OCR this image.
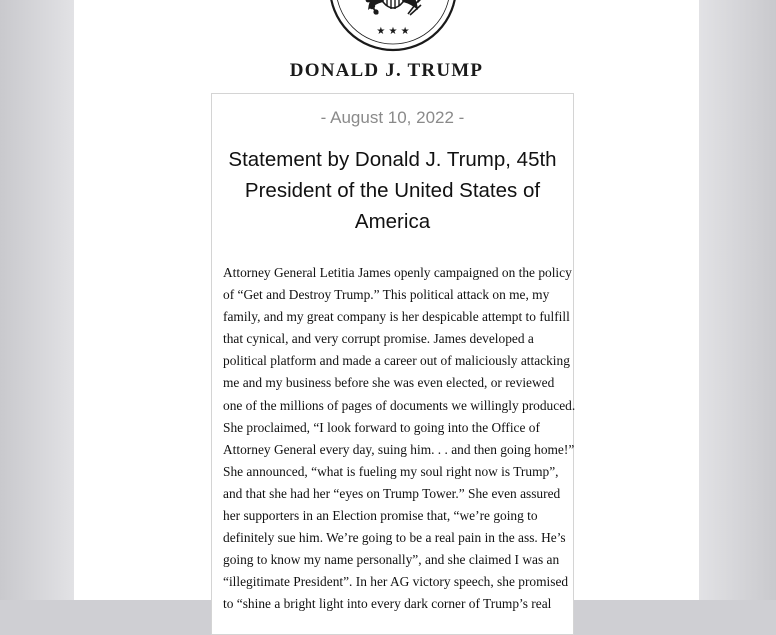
★ ★ ★
DONALD J. TRUMP

- August 10, 2022 -

Statement by Donald J. Trump, 45th
President of the United States of
America

Attorney General Letitia James openly campaigned on the policy
of “Get and Destroy Trump.” This political attack on me, my
family, and my great company is her despicable attempt to fulfill
that cynical, and very corrupt promise. James developed a
political platform and made a career out of maliciously attacking
me and my business before she was even elected, or reviewed
one of the millions of pages of documents we willingly produced.
She proclaimed, “I look forward to going into the Office of
Attorney General every day, suing him. . . and then going home!”
She announced, “what is fueling my soul right now is Trump”,
and that she had her “eyes on Trump Tower.” She even assured
her supporters in an Election promise that, “we’re going to
definitely sue him. We’re going to be a real pain in the ass. He’s
going to know my name personally”, and she claimed I was an
“illegitimate President”. In her AG victory speech, she promised
to “shine a bright light into every dark corner of Trump’s real
